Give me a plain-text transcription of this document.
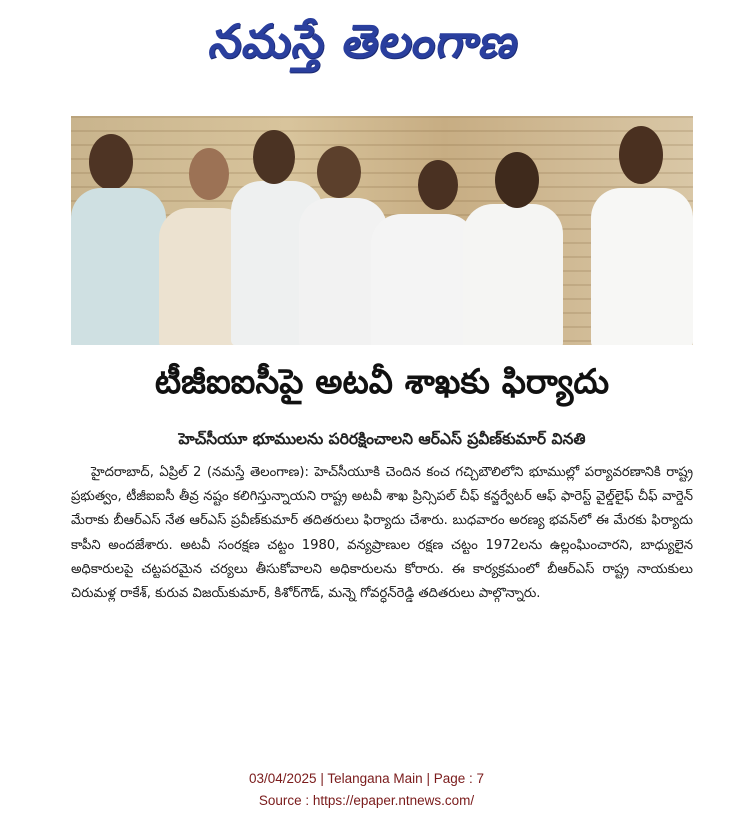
నమస్తే తెలంగాణ
టీజీఐఐసీపై అటవీ శాఖకు ఫిర్యాదు
హెచ్‌సీయూ భూములను పరిరక్షించాలని ఆర్‌ఎస్ ప్రవీణ్‌కుమార్ వినతి
హైదరాబాద్, ఏప్రిల్ 2 (నమస్తే తెలంగాణ): హెచ్‌సీయూకి చెందిన కంచ గచ్చిబౌలిలోని భూముల్లో పర్యావరణానికి రాష్ట్ర ప్రభుత్వం, టీజీఐఐసీ తీవ్ర నష్టం కలిగిస్తున్నాయని రాష్ట్ర అటవీ శాఖ ప్రిన్సిపల్ చీఫ్ కన్జర్వేటర్ ఆఫ్ ఫారెస్ట్ వైల్డ్‌లైఫ్ చీఫ్ వార్డెన్ మేరాకు బీఆర్‌ఎస్ నేత ఆర్‌ఎస్ ప్రవీణ్‌కుమార్ తదితరులు ఫిర్యాదు చేశారు. బుధవారం అరణ్య భవన్‌లో ఈ మేరకు ఫిర్యాదు కాపీని అందజేశారు. అటవీ సంరక్షణ చట్టం 1980, వన్యప్రాణుల రక్షణ చట్టం 1972లను ఉల్లంఘించారని, బాధ్యులైన అధికారులపై చట్టపరమైన చర్యలు తీసుకోవాలని అధికారులను కోరారు. ఈ కార్యక్రమంలో బీఆర్‌ఎస్ రాష్ట్ర నాయకులు చిరుమళ్ల రాకేశ్, కురువ విజయ్‌కుమార్, కిశోర్‌గౌడ్, మన్నె గోవర్ధన్‌రెడ్డి తదితరులు పాల్గొన్నారు.
03/04/2025 | Telangana Main | Page : 7
Source : https://epaper.ntnews.com/
